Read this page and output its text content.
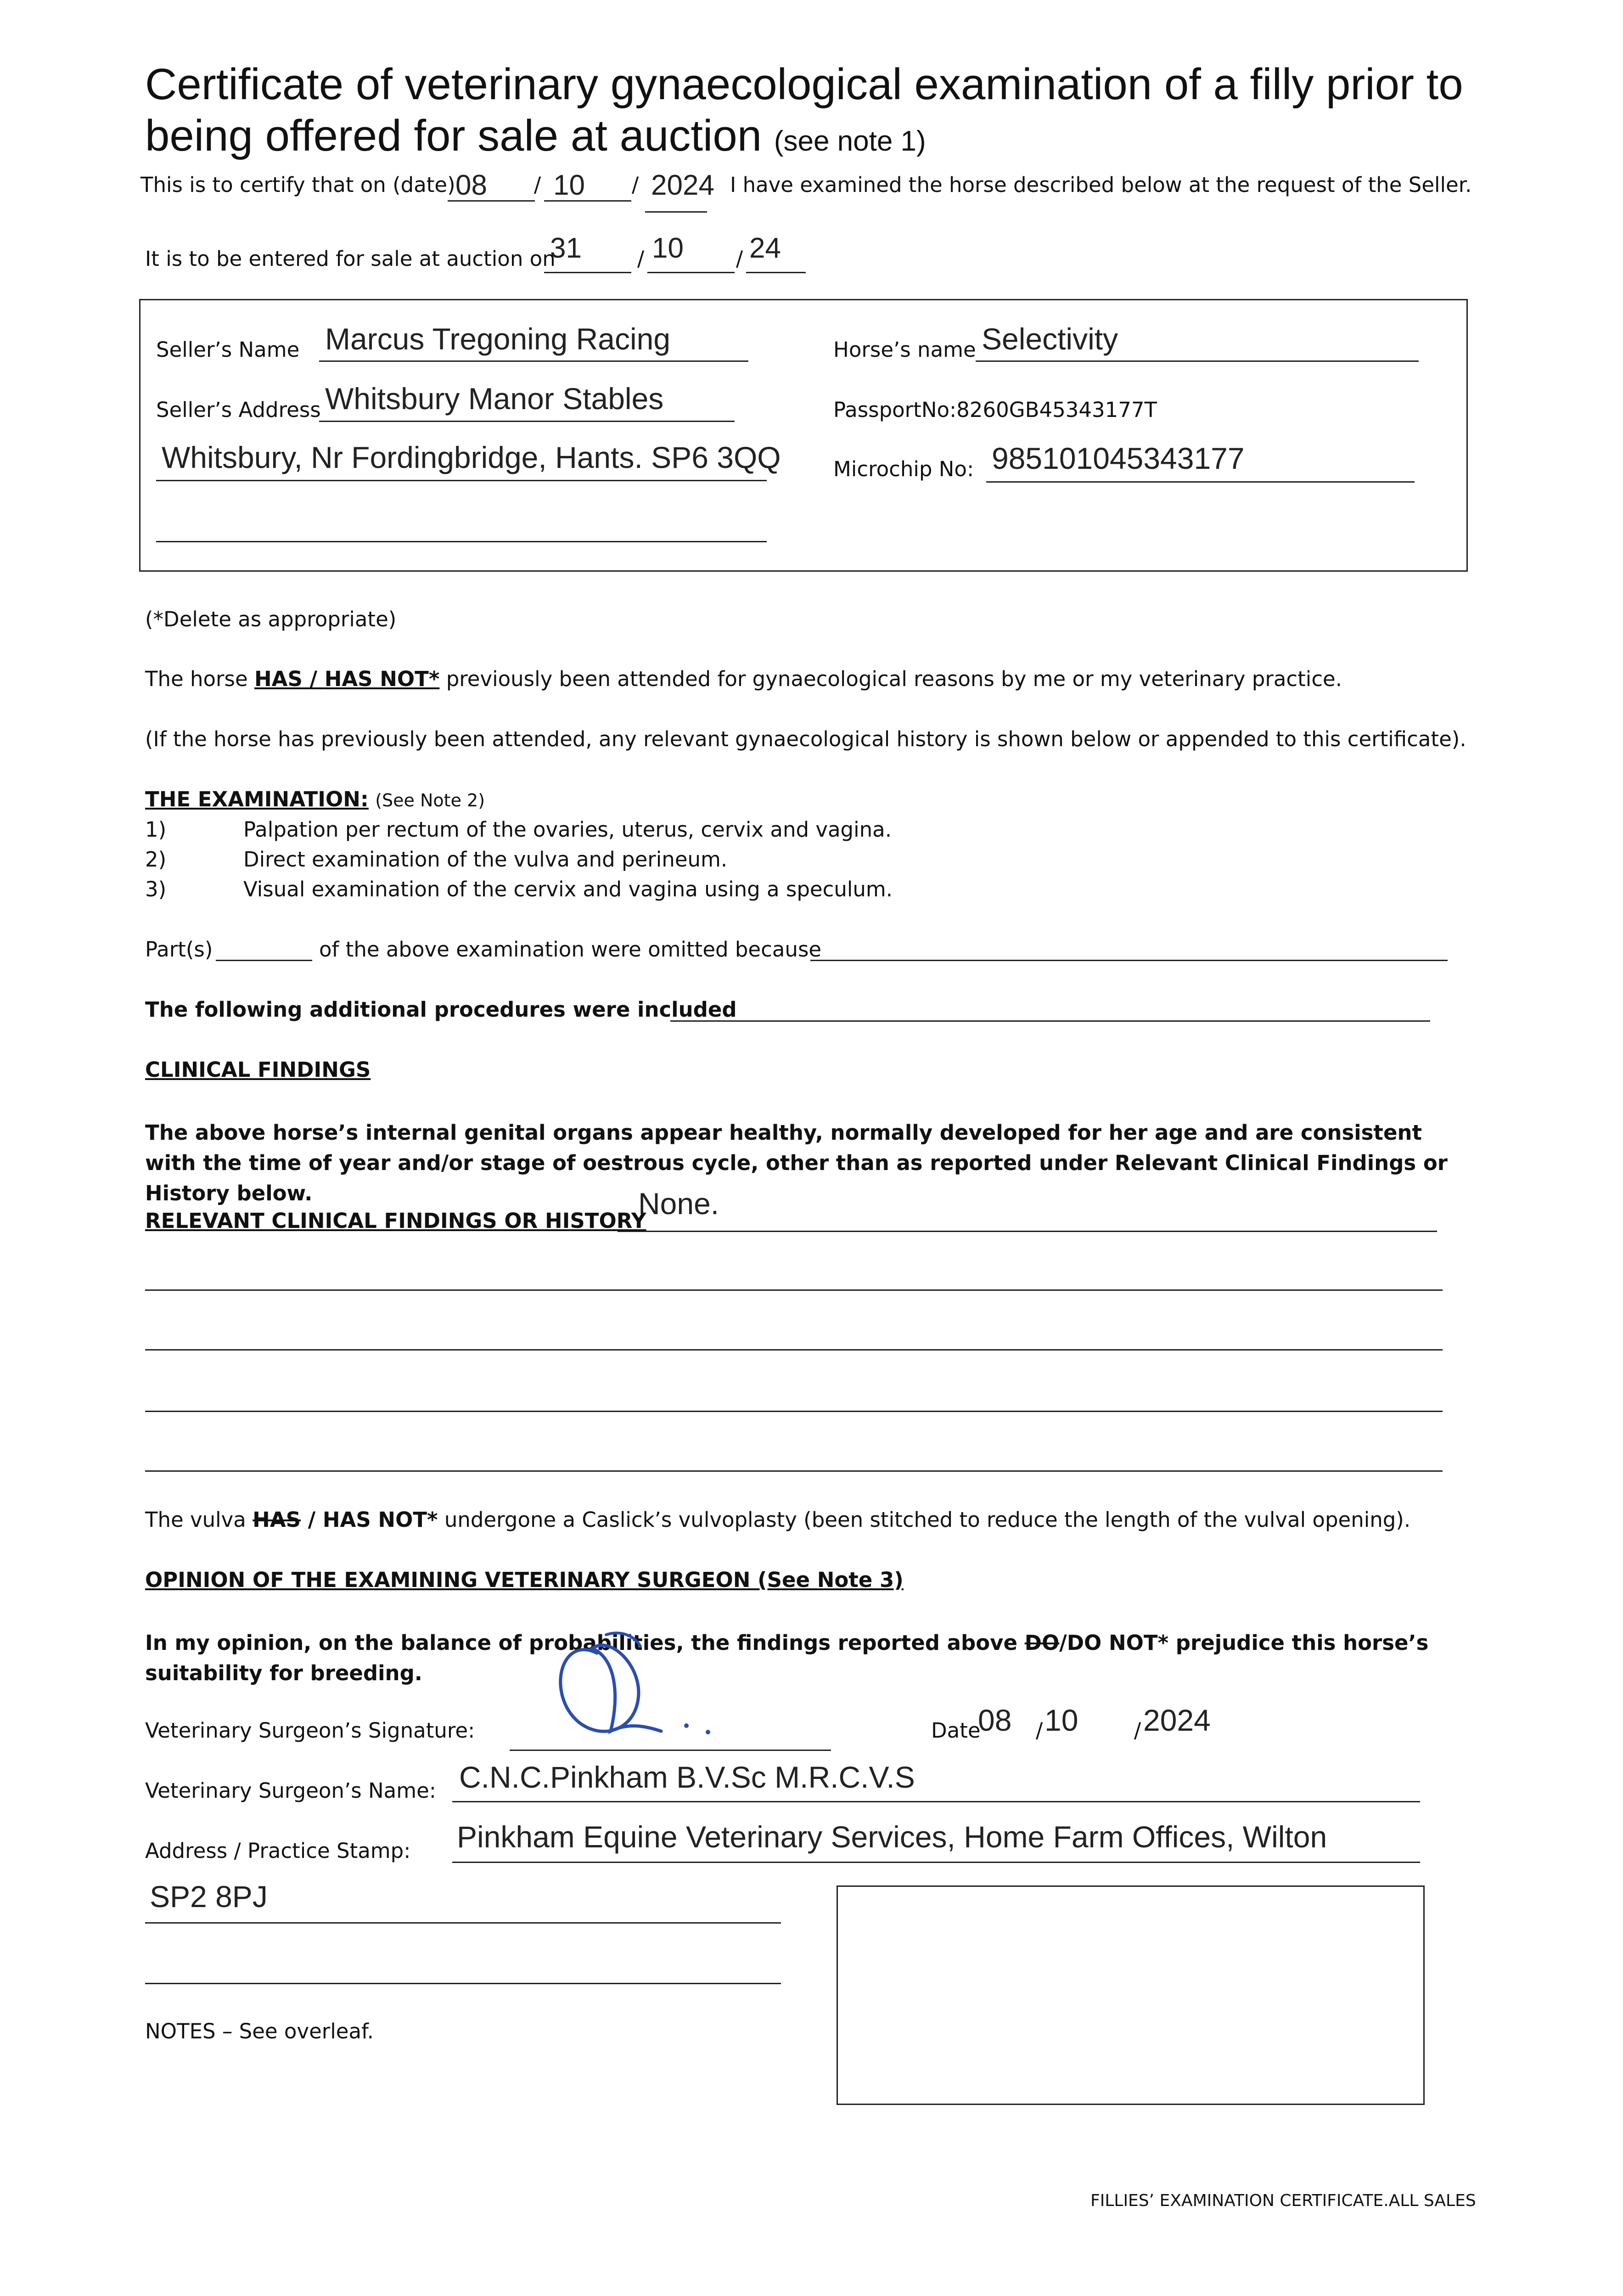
Certificate of veterinary gynaecological examination of a filly prior to being offered for sale at auction (see note 1)
This is to certify that on (date) 08 / 10 / 2024 I have examined the horse described below at the request of the Seller.
It is to be entered for sale at auction on
31	/ 10	/ 24
Seller’s Name Marcus Tregoning Racing
Seller’s Address Whitsbury Manor Stables
Whitsbury, Nr Fordingbridge, Hants. SP6 3QQ
Horse’s name Selectivity
PassportNo:8260GB45343177T
Microchip No: 985101045343177
(*Delete as appropriate)
The horse HAS / HAS NOT* previously been attended for gynaecological reasons by me or my veterinary practice.
(If the horse has previously been attended, any relevant gynaecological history is shown below or appended to this certificate).
THE EXAMINATION: (See Note 2)
1)	Palpation per rectum of the ovaries, uterus, cervix and vagina.
2)	Direct examination of the vulva and perineum.
3)	Visual examination of the cervix and vagina using a speculum.
Part(s)	of the above examination were omitted because
The following additional procedures were included
CLINICAL FINDINGS
The above horse’s internal genital organs appear healthy, normally developed for her age and are consistent with the time of year and/or stage of oestrous cycle, other than as reported under Relevant Clinical Findings or History below.
RELEVANT CLINICAL FINDINGS OR HISTORY
None.
The vulva HAS / HAS NOT* undergone a Caslick’s vulvoplasty (been stitched to reduce the length of the vulval opening).
OPINION OF THE EXAMINING VETERINARY SURGEON (See Note 3)
In my opinion, on the balance of probabilities, the findings reported above DO/DO NOT* prejudice this horse’s suitability for breeding.
Veterinary Surgeon’s Signature:	Date
08 / 10	/ 2024
Veterinary Surgeon’s Name: C.N.C.Pinkham B.V.Sc M.R.C.V.S
Address / Practice Stamp: Pinkham Equine Veterinary Services, Home Farm Offices, Wilton
SP2 8PJ
NOTES – See overleaf.
FILLIES’ EXAMINATION CERTIFICATE.ALL SALES
